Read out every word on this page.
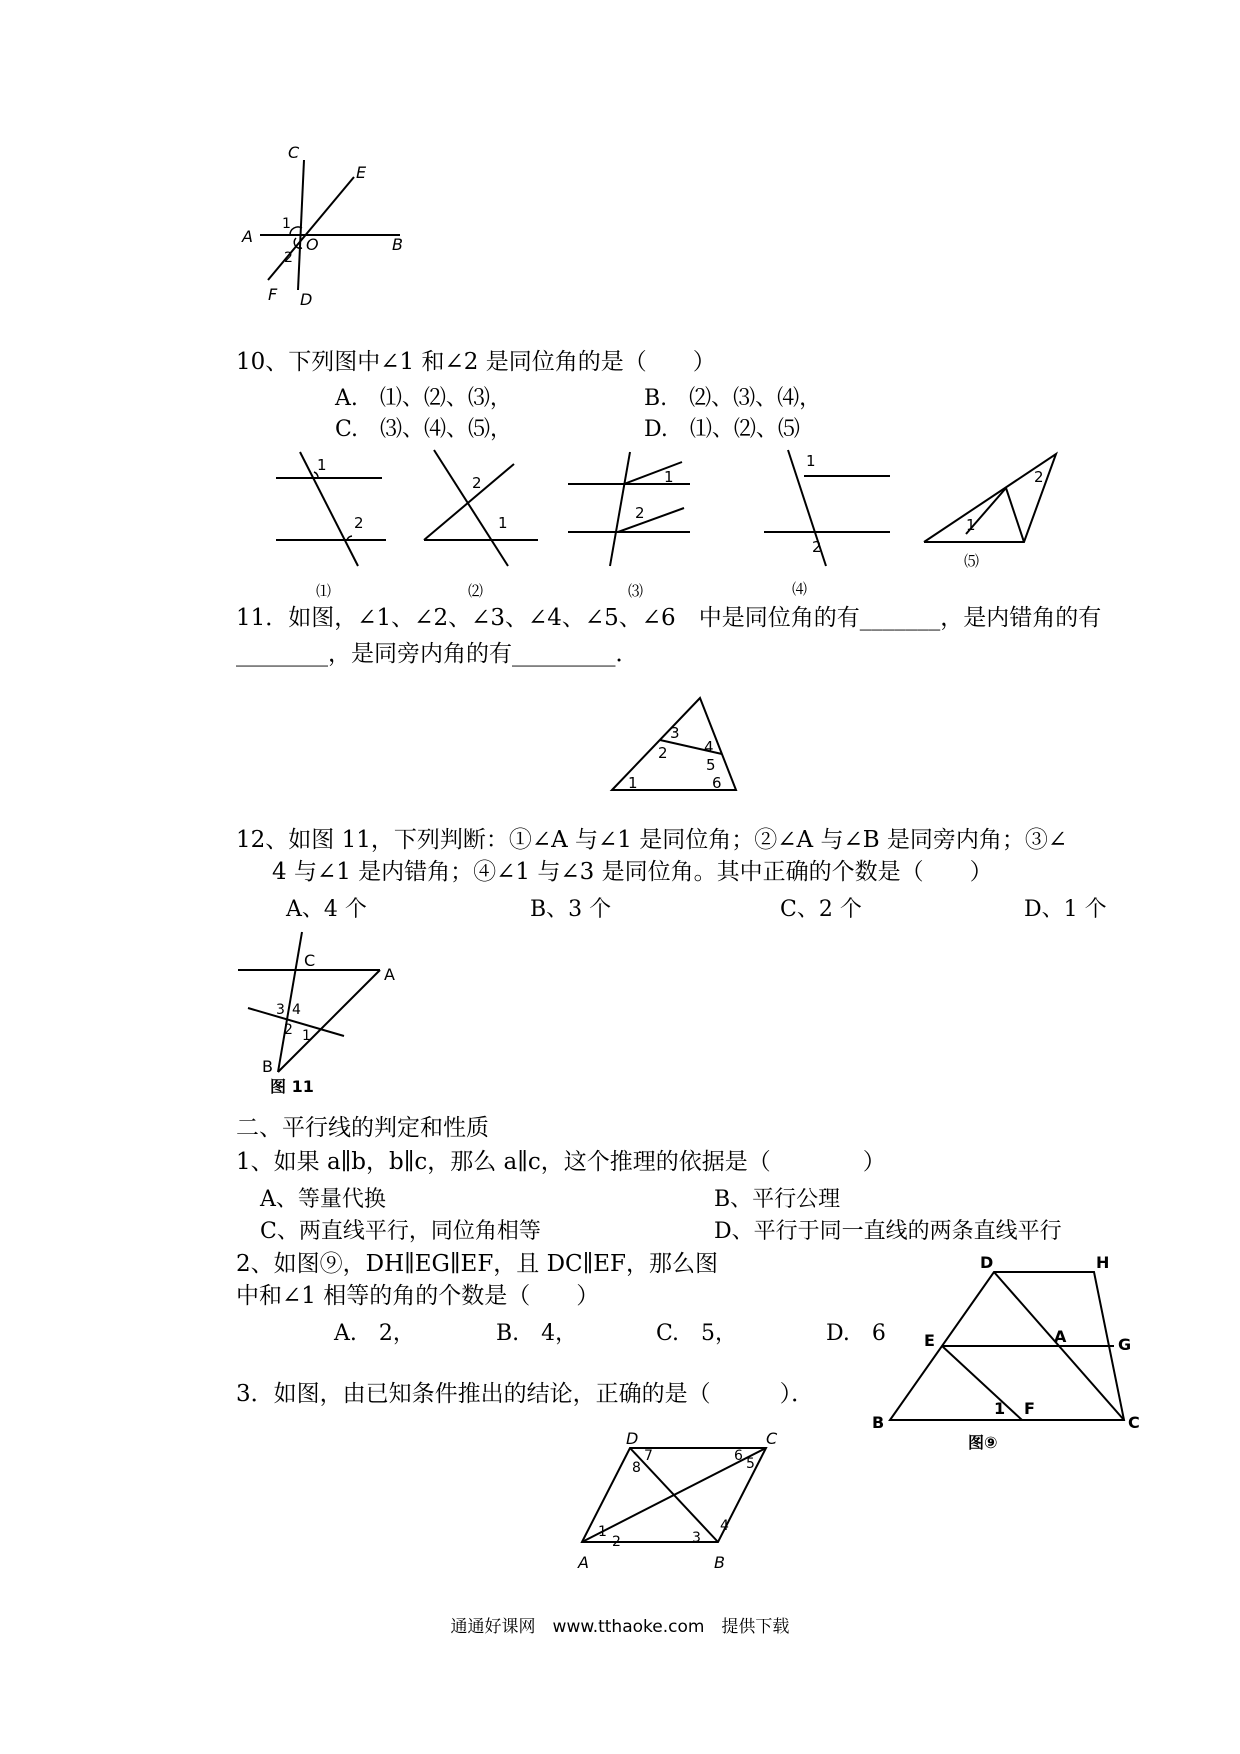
A	B
C
D
E
F
O
1
2
10、下列图中∠1 和∠2 是同位角的是（　　）
A.　⑴、⑵、⑶，	B.　⑵、⑶、⑷，
C.　⑶、⑷、⑸，	D.　⑴、⑵、⑸
1
2
⑴
2
1
⑵
1
2
⑶
1
2
⑷
1
2
⑸
11．如图，∠1、∠2、∠3、∠4、∠5、∠6　中是同位角的有_______，是内错角的有
________，是同旁内角的有_________．
1
2
3
4
5
6
12、如图 11，下列判断：①∠A 与∠1 是同位角；②∠A 与∠B 是同旁内角；③∠
4 与∠1 是内错角；④∠1 与∠3 是同位角。其中正确的个数是（　　）
A、4 个	B、3 个	C、2 个	D、1 个
C
A
B
3 4
2 1
图 11
二、平行线的判定和性质
1、如果 a∥b，b∥c，那么 a∥c，这个推理的依据是（　　　　）
A、等量代换	B、平行公理
C、两直线平行，同位角相等	D、平行于同一直线的两条直线平行
2、如图⑨，DH∥EG∥EF，且 DC∥EF，那么图
中和∠1 相等的角的个数是（　　）
A.　2，	B.　4，	C.　5，	D.　6
D	H
E	A	G
B
F
C
1
图⑨
3．如图，由已知条件推出的结论，正确的是（　　　）．
A	B
C
D
1
2	3
4
5
6
7
8
通通好课网　www.tthaoke.com　提供下载
